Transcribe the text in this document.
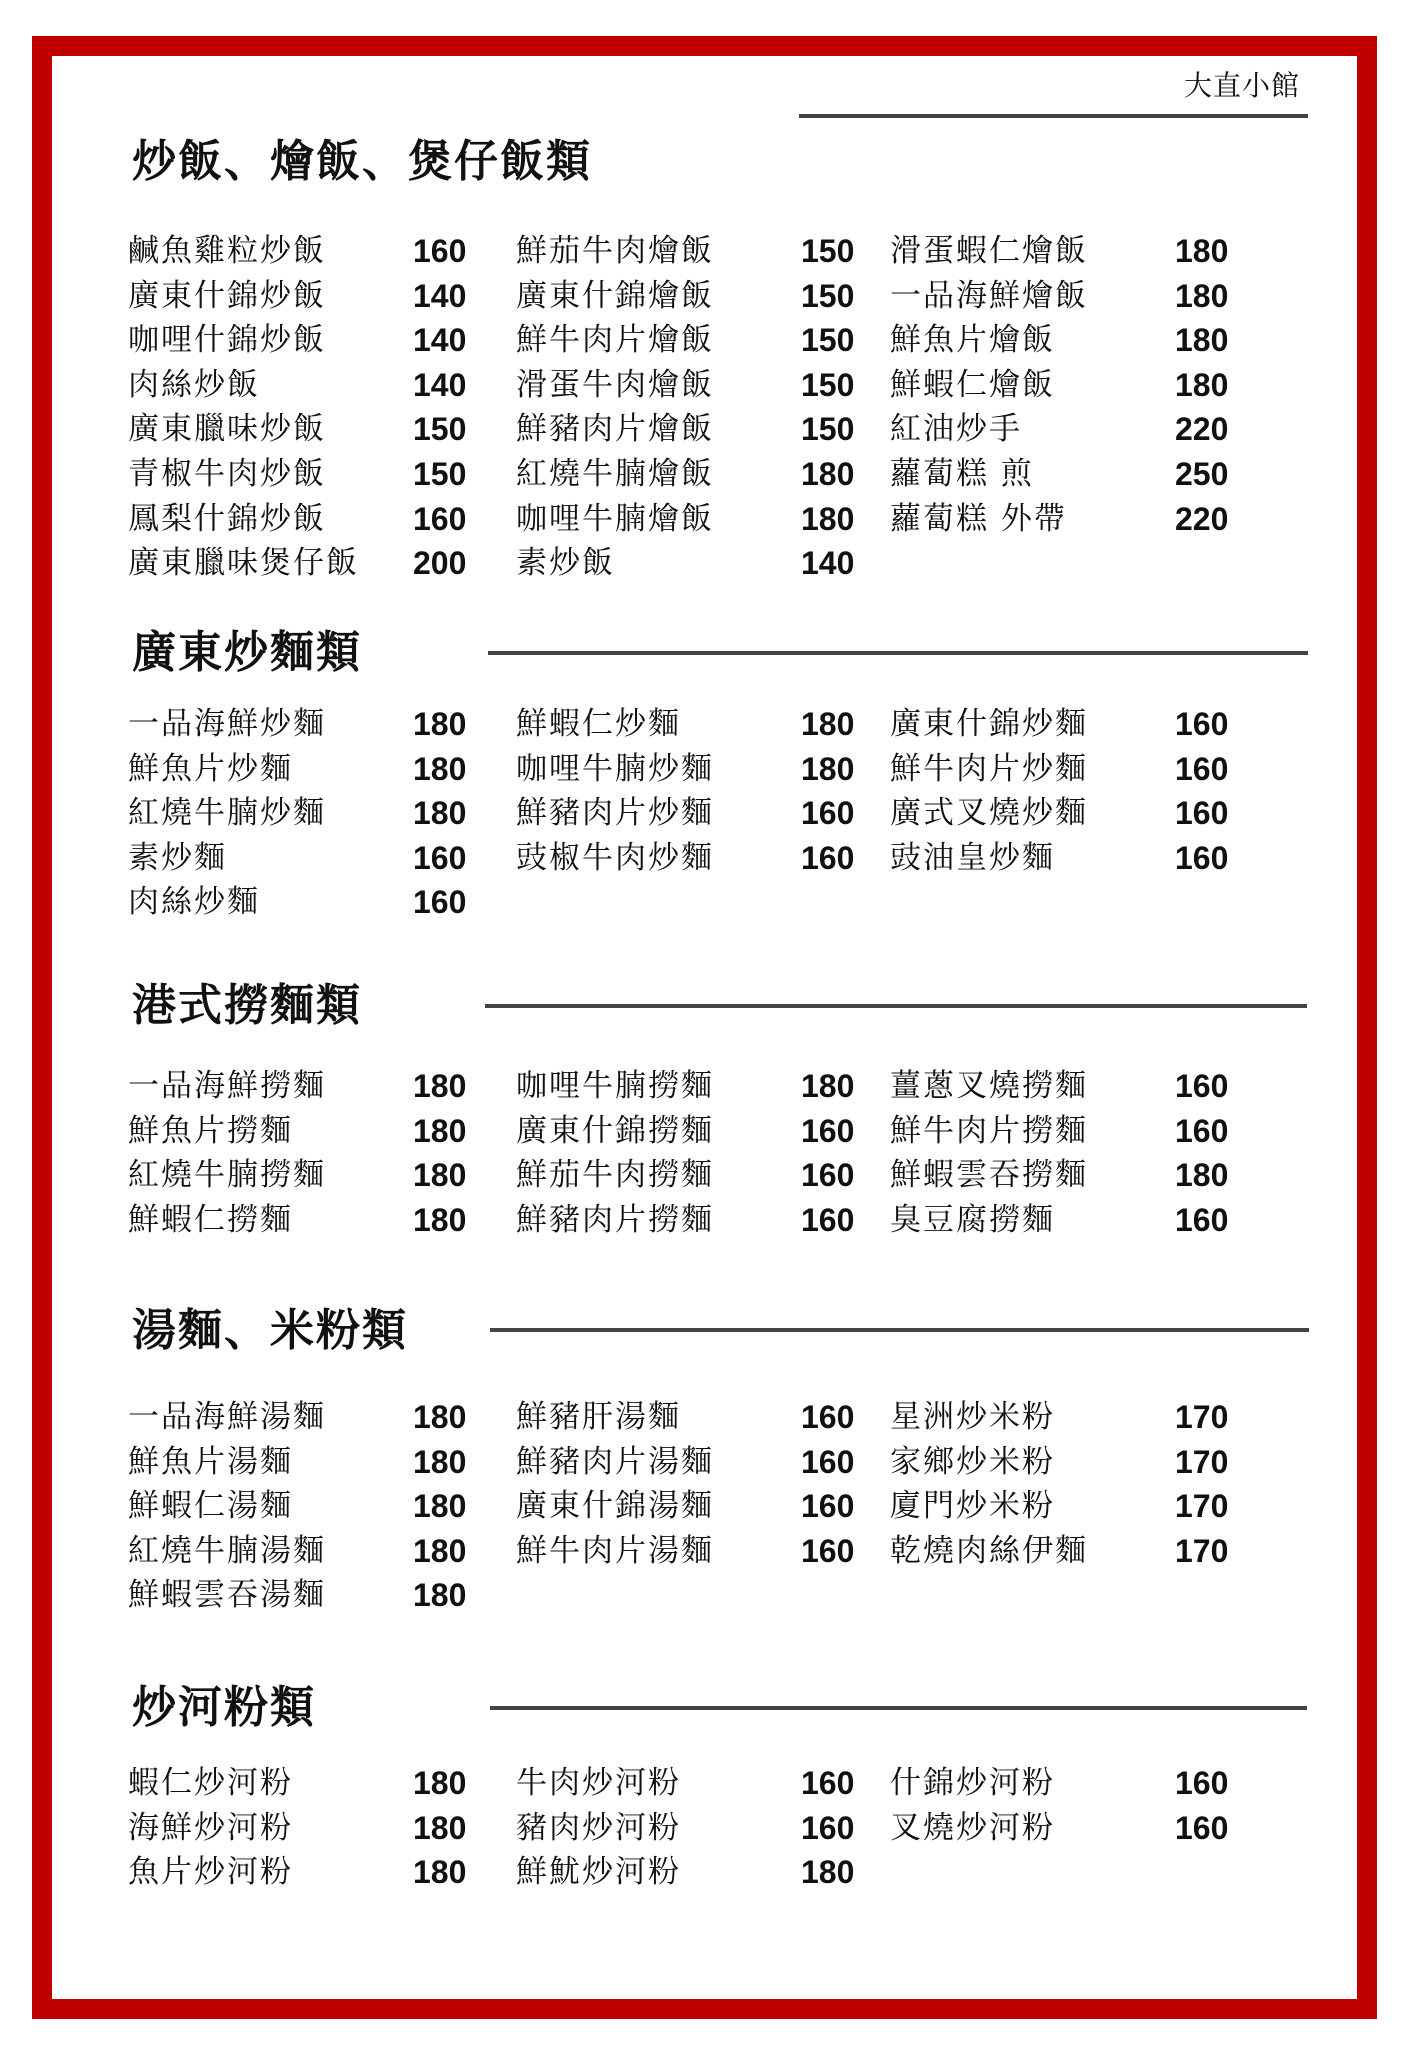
大直小館
炒飯、燴飯、煲仔飯類
廣東炒麵類
港式撈麵類
湯麵、米粉類
炒河粉類
鹹魚雞粒炒飯	160
廣東什錦炒飯	140
咖哩什錦炒飯	140
肉絲炒飯	140
廣東臘味炒飯	150
青椒牛肉炒飯	150
鳳梨什錦炒飯	160
廣東臘味煲仔飯 200
鮮茄牛肉燴飯	150
廣東什錦燴飯	150
鮮牛肉片燴飯	150
滑蛋牛肉燴飯	150
鮮豬肉片燴飯	150
紅燒牛腩燴飯	180
咖哩牛腩燴飯	180
素炒飯	140
滑蛋蝦仁燴飯	180
一品海鮮燴飯	180
鮮魚片燴飯	180
鮮蝦仁燴飯	180
紅油炒手	220
蘿蔔糕 煎	250
蘿蔔糕 外帶	220
一品海鮮炒麵	180
鮮魚片炒麵	180
紅燒牛腩炒麵	180
素炒麵	160
肉絲炒麵	160
鮮蝦仁炒麵	180
咖哩牛腩炒麵	180
鮮豬肉片炒麵	160
豉椒牛肉炒麵	160
廣東什錦炒麵	160
鮮牛肉片炒麵	160
廣式叉燒炒麵	160
豉油皇炒麵	160
一品海鮮撈麵	180
鮮魚片撈麵	180
紅燒牛腩撈麵	180
鮮蝦仁撈麵	180
咖哩牛腩撈麵	180
廣東什錦撈麵	160
鮮茄牛肉撈麵	160
鮮豬肉片撈麵	160
薑蔥叉燒撈麵	160
鮮牛肉片撈麵	160
鮮蝦雲吞撈麵	180
臭豆腐撈麵	160
一品海鮮湯麵	180
鮮魚片湯麵	180
鮮蝦仁湯麵	180
紅燒牛腩湯麵	180
鮮蝦雲吞湯麵	180
鮮豬肝湯麵	160
鮮豬肉片湯麵	160
廣東什錦湯麵	160
鮮牛肉片湯麵	160
星洲炒米粉	170
家鄉炒米粉	170
廈門炒米粉	170
乾燒肉絲伊麵	170
蝦仁炒河粉	180
海鮮炒河粉	180
魚片炒河粉	180
牛肉炒河粉	160
豬肉炒河粉	160
鮮魷炒河粉	180
什錦炒河粉	160
叉燒炒河粉	160
